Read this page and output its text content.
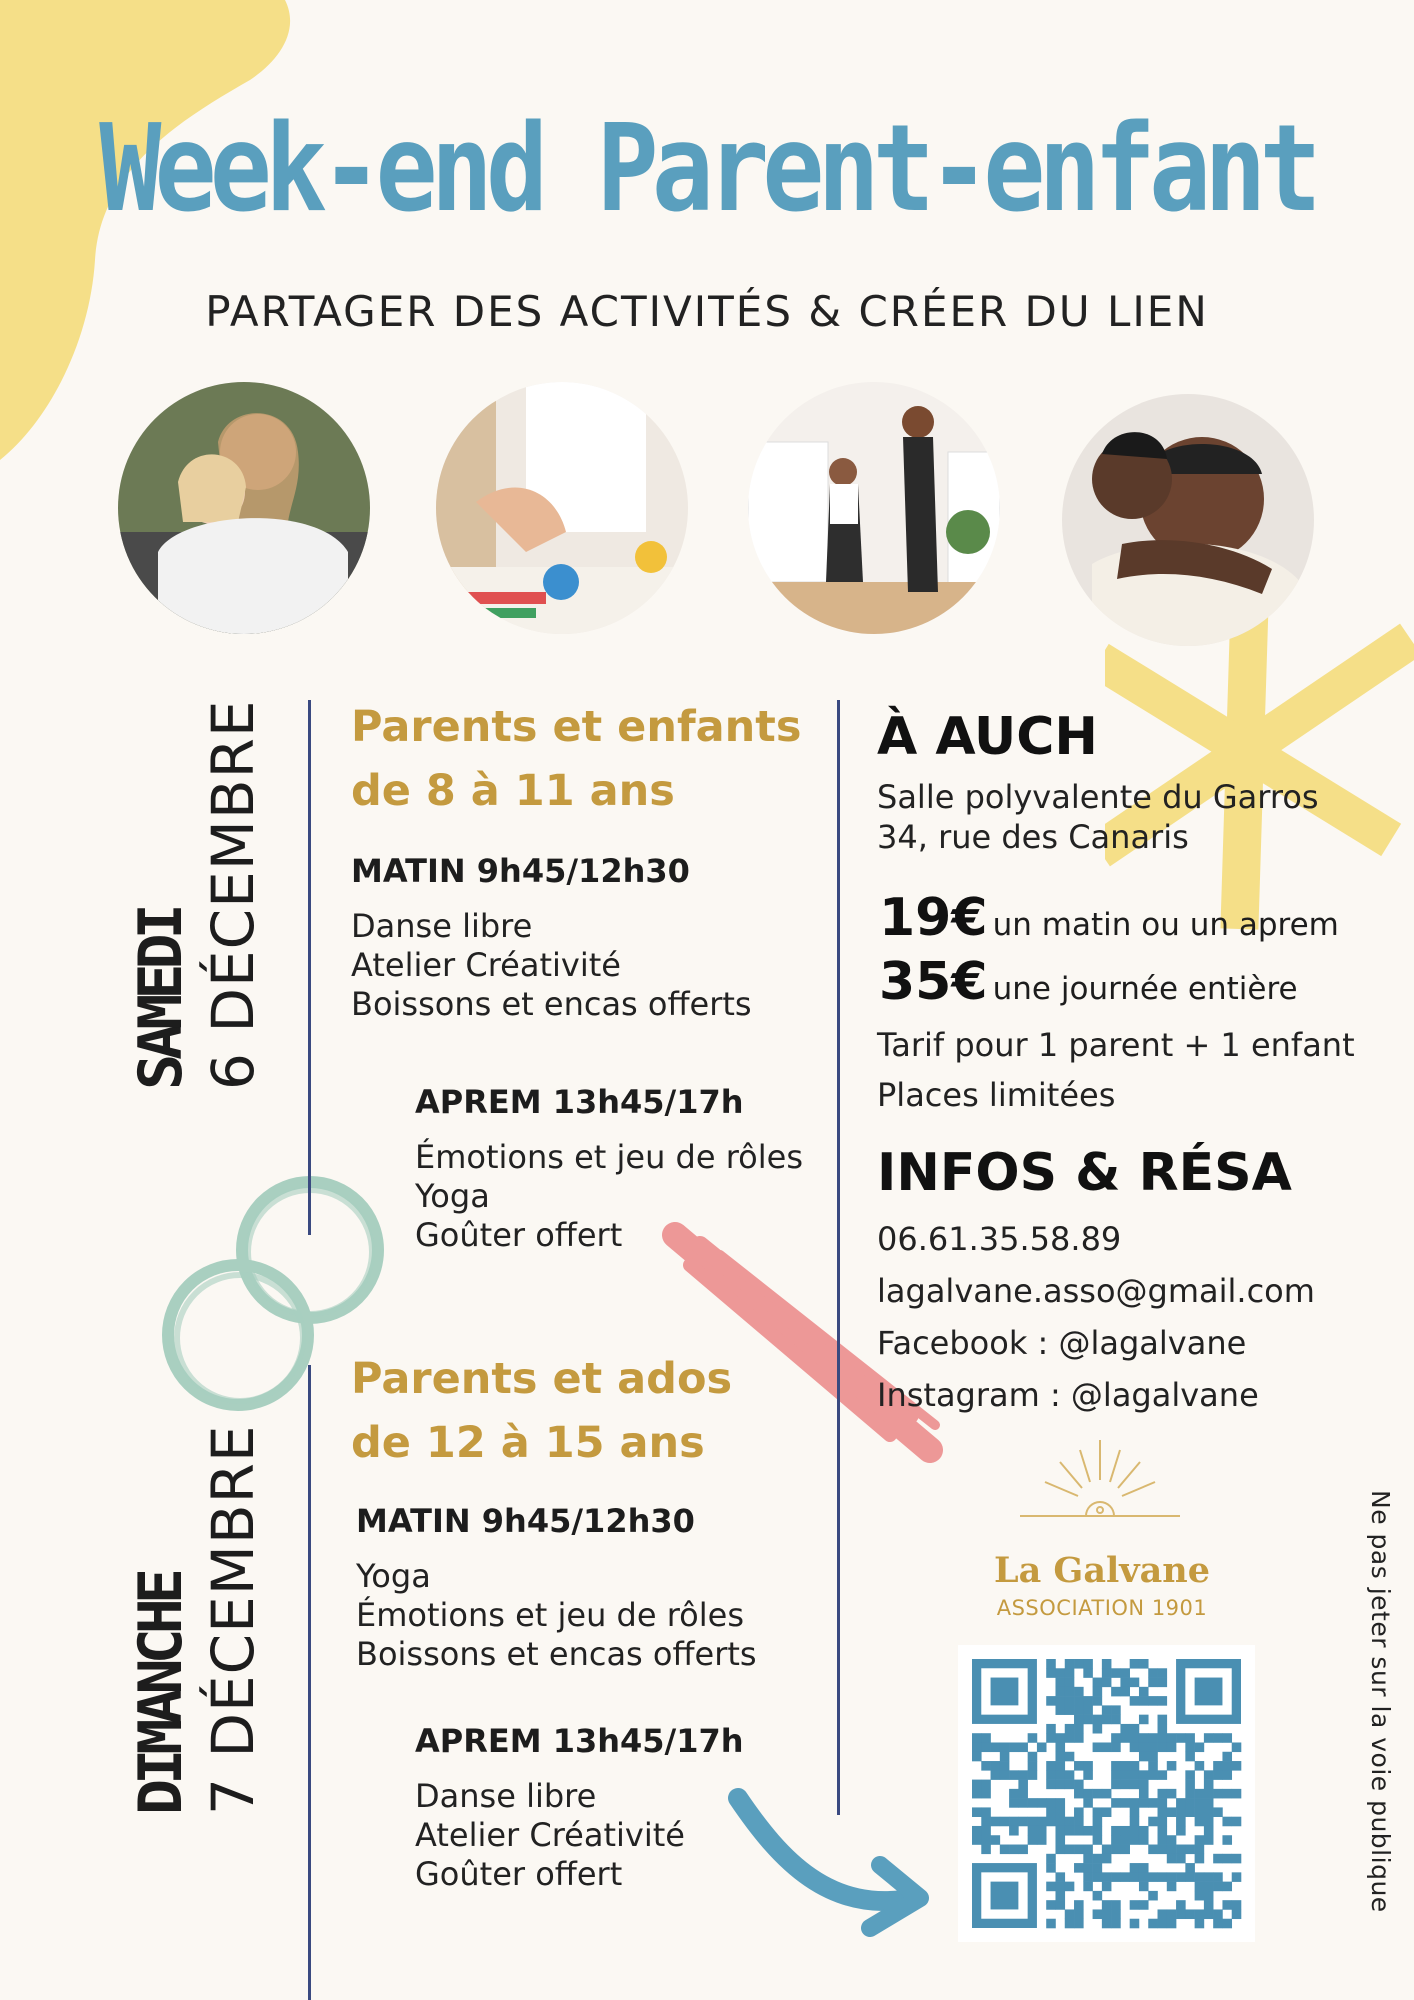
Week-end Parent-enfant
PARTAGER DES ACTIVITÉS & CRÉER DU LIEN
SAMEDI 6 DÉCEMBRE
DIMANCHE 7 DÉCEMBRE
Parents et enfants
de 8 à 11 ans
MATIN 9h45/12h30
Danse libre
Atelier Créativité
Boissons et encas offerts
APREM 13h45/17h
Émotions et jeu de rôles
Yoga
Goûter offert
Parents et ados
de 12 à 15 ans
MATIN 9h45/12h30
Yoga
Émotions et jeu de rôles
Boissons et encas offerts
APREM 13h45/17h
Danse libre
Atelier Créativité
Goûter offert
À AUCH
Salle polyvalente du Garros
34, rue des Canaris
19€ un matin ou un aprem
35€ une journée entière
Tarif pour 1 parent + 1 enfant
Places limitées
INFOS & RÉSA
06.61.35.58.89
lagalvane.asso@gmail.com
Facebook : @lagalvane
Instagram : @lagalvane
La Galvane
ASSOCIATION 1901	Ne pas jeter sur la voie publique
